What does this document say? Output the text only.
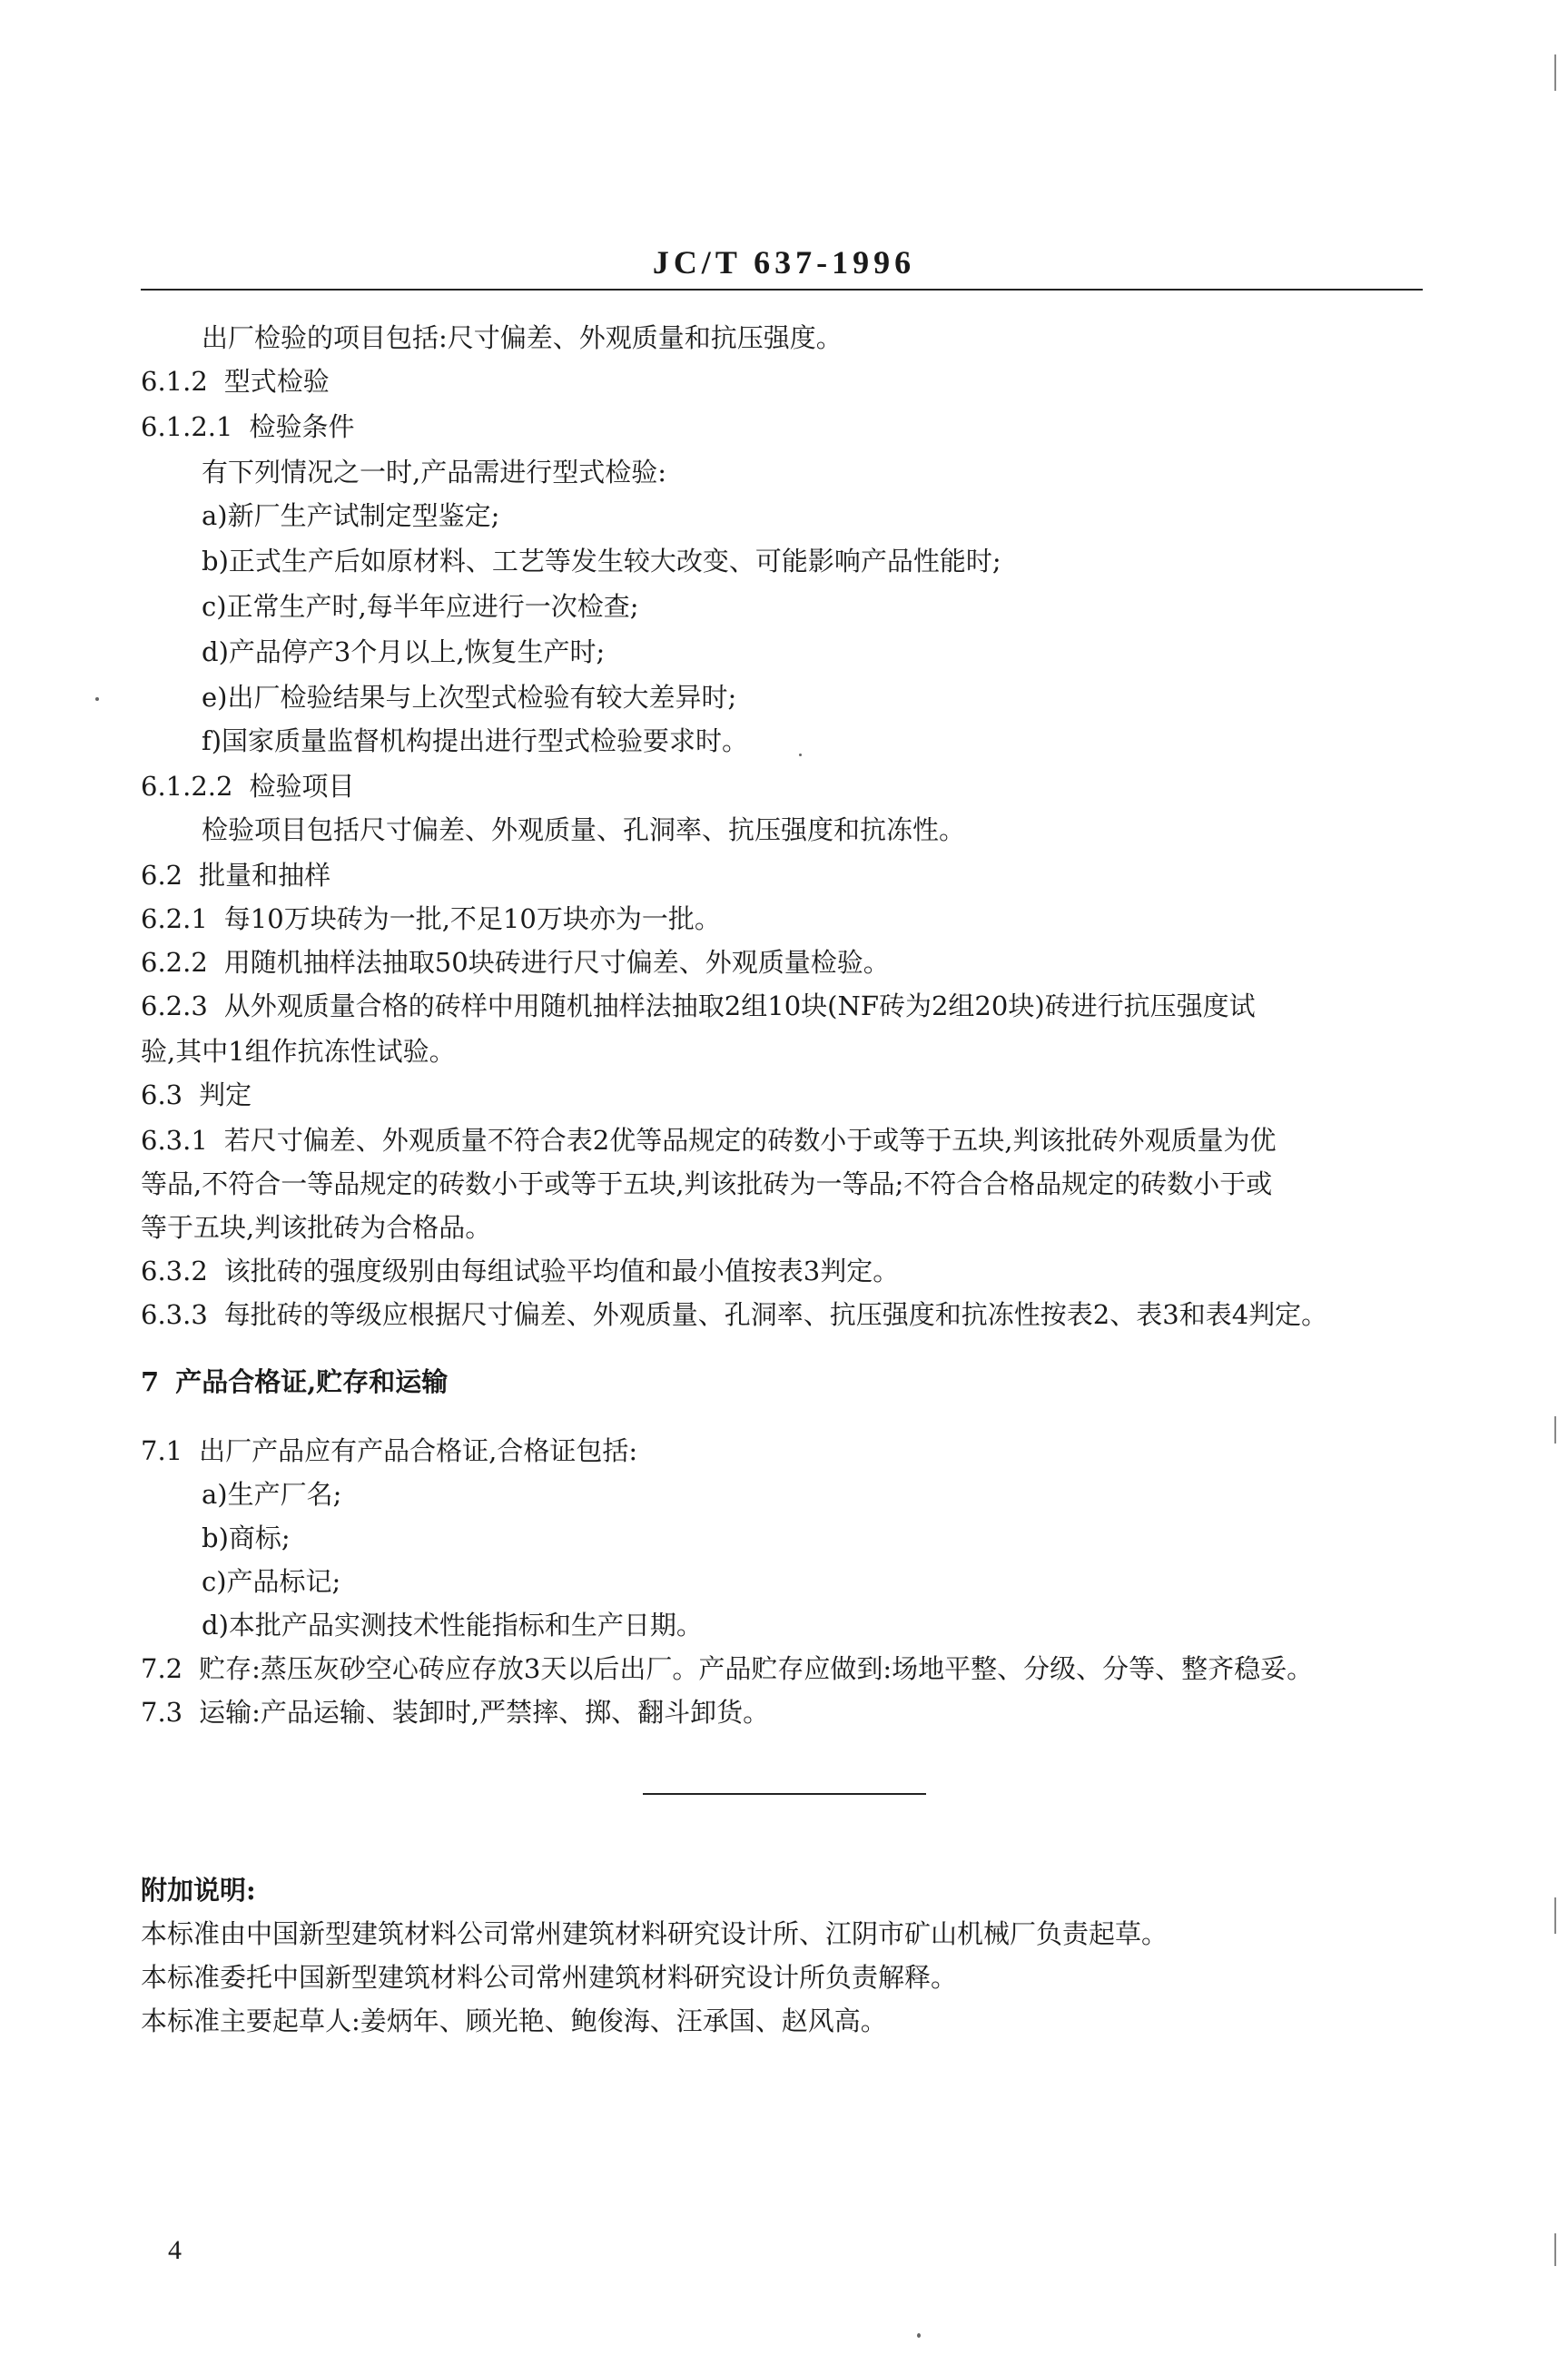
JC/T 637-1996
出厂检验的项目包括:尺寸偏差、外观质量和抗压强度。
6.1.2 型式检验
6.1.2.1 检验条件
有下列情况之一时,产品需进行型式检验:
a)新厂生产试制定型鉴定;
b)正式生产后如原材料、工艺等发生较大改变、可能影响产品性能时;
c)正常生产时,每半年应进行一次检查;
d)产品停产3个月以上,恢复生产时;
e)出厂检验结果与上次型式检验有较大差异时;
f)国家质量监督机构提出进行型式检验要求时。
6.1.2.2 检验项目
检验项目包括尺寸偏差、外观质量、孔洞率、抗压强度和抗冻性。
6.2 批量和抽样
6.2.1 每10万块砖为一批,不足10万块亦为一批。
6.2.2 用随机抽样法抽取50块砖进行尺寸偏差、外观质量检验。
6.2.3 从外观质量合格的砖样中用随机抽样法抽取2组10块(NF砖为2组20块)砖进行抗压强度试
验,其中1组作抗冻性试验。
6.3 判定
6.3.1 若尺寸偏差、外观质量不符合表2优等品规定的砖数小于或等于五块,判该批砖外观质量为优
等品,不符合一等品规定的砖数小于或等于五块,判该批砖为一等品;不符合合格品规定的砖数小于或
等于五块,判该批砖为合格品。
6.3.2 该批砖的强度级别由每组试验平均值和最小值按表3判定。
6.3.3 每批砖的等级应根据尺寸偏差、外观质量、孔洞率、抗压强度和抗冻性按表2、表3和表4判定。
7 产品合格证,贮存和运输
7.1 出厂产品应有产品合格证,合格证包括:
a)生产厂名;
b)商标;
c)产品标记;
d)本批产品实测技术性能指标和生产日期。
7.2 贮存:蒸压灰砂空心砖应存放3天以后出厂。产品贮存应做到:场地平整、分级、分等、整齐稳妥。
7.3 运输:产品运输、装卸时,严禁摔、掷、翻斗卸货。
附加说明:
本标准由中国新型建筑材料公司常州建筑材料研究设计所、江阴市矿山机械厂负责起草。
本标准委托中国新型建筑材料公司常州建筑材料研究设计所负责解释。
本标准主要起草人:姜炳年、顾光艳、鲍俊海、汪承国、赵风高。
4
